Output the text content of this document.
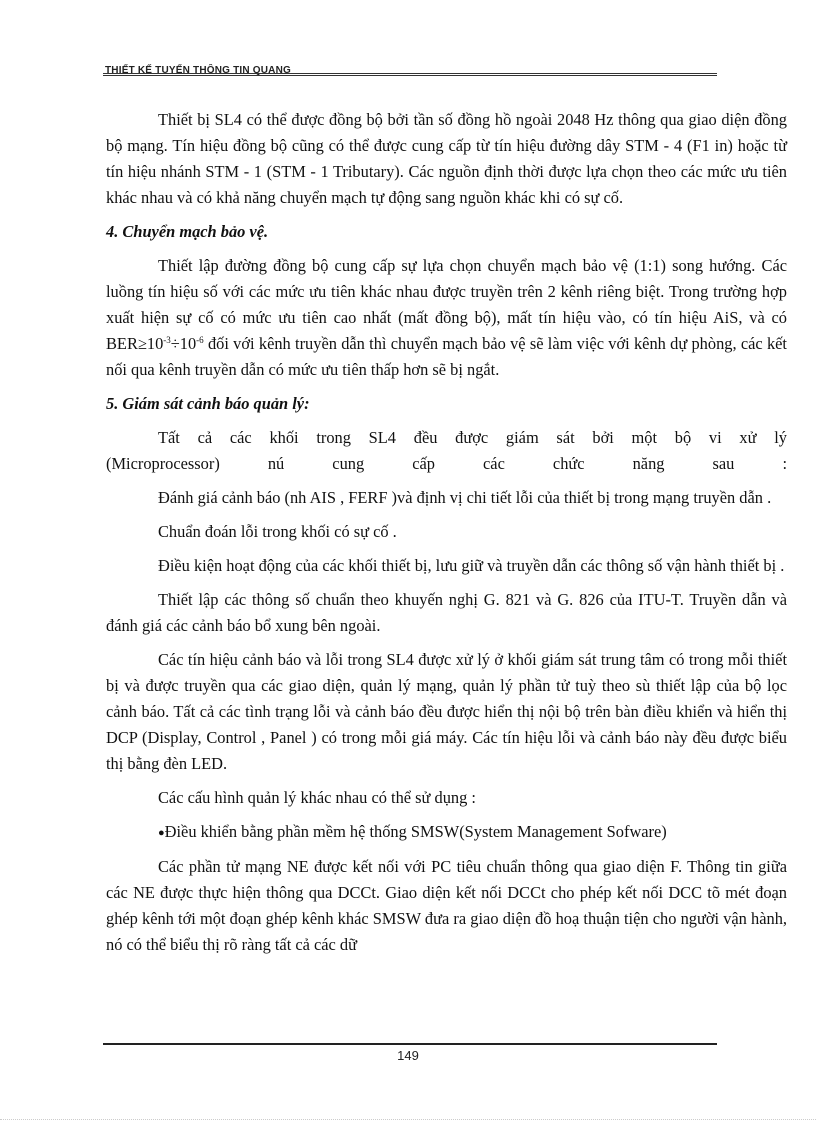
THIẾT KẾ TUYẾN THÔNG TIN QUANG

Thiết bị SL4 có thể được đồng bộ bởi tần số đồng hồ ngoài 2048 Hz thông qua giao diện đồng bộ mạng. Tín hiệu đồng bộ cũng có thể được cung cấp từ tín hiệu đường dây STM - 4 (F1 in) hoặc từ tín hiệu nhánh STM - 1 (STM - 1 Tributary). Các nguồn định thời được lựa chọn theo các mức ưu tiên khác nhau và có khả năng chuyển mạch tự động sang nguồn khác khi có sự cố.

4. Chuyển mạch bảo vệ.

Thiết lập đường đồng bộ cung cấp sự lựa chọn chuyển mạch bảo vệ (1:1) song hướng. Các luồng tín hiệu số với các mức ưu tiên khác nhau được truyền trên 2 kênh riêng biệt. Trong trường hợp xuất hiện sự cố có mức ưu tiên cao nhất (mất đồng bộ), mất tín hiệu vào, có tín hiệu AiS, và có $BER\ge 10^{-3}\div 10^{-6}$ đối với kênh truyền dẫn thì chuyển mạch bảo vệ sẽ làm việc với kênh dự phòng, các kết nối qua kênh truyền dẫn có mức ưu tiên thấp hơn sẽ bị ngắt.

5. Giám sát cảnh báo quản lý:

Tất cả các khối trong SL4 đều được giám sát bởi một bộ vi xử lý
(Microprocessor) nú cung cấp các chức năng sau :

Đánh giá cảnh báo (nh AIS , FERF )và định vị chi tiết lỗi của thiết bị trong mạng truyền dẫn .

Chuẩn đoán lỗi trong khối có sự cố .

Điều kiện hoạt động của các khối thiết bị, lưu giữ và truyền dẫn các thông số vận hành thiết bị .

Thiết lập các thông số chuẩn theo khuyến nghị G. 821 và G. 826 của ITU-T. Truyền dẫn và đánh giá các cảnh báo bổ xung bên ngoài.

Các tín hiệu cảnh báo và lỗi trong SL4 được xử lý ở khối giám sát trung tâm có trong mỗi thiết bị và được truyền qua các giao diện, quản lý mạng, quản lý phần tử tuỳ theo sù thiết lập của bộ lọc cảnh báo. Tất cả các tình trạng lỗi và cảnh báo đều được hiển thị nội bộ trên bàn điều khiển và hiển thị DCP (Display, Control , Panel ) có trong mỗi giá máy. Các tín hiệu lỗi và cảnh báo này đều được biểu thị bằng đèn LED.

Các cấu hình quản lý khác nhau có thể sử dụng :

●Điều khiển bằng phần mềm hệ thống SMSW(System Management Sofware)

Các phần tử mạng NE được kết nối với PC tiêu chuẩn thông qua giao diện F. Thông tin giữa các NE được thực hiện thông qua DCCt. Giao diện kết nối DCCt cho phép kết nối DCC tõ mét đoạn ghép kênh tới một đoạn ghép kênh khác SMSW đưa ra giao diện đồ hoạ thuận tiện cho người vận hành, nó có thể biểu thị rõ ràng tất cả các dữ

149
